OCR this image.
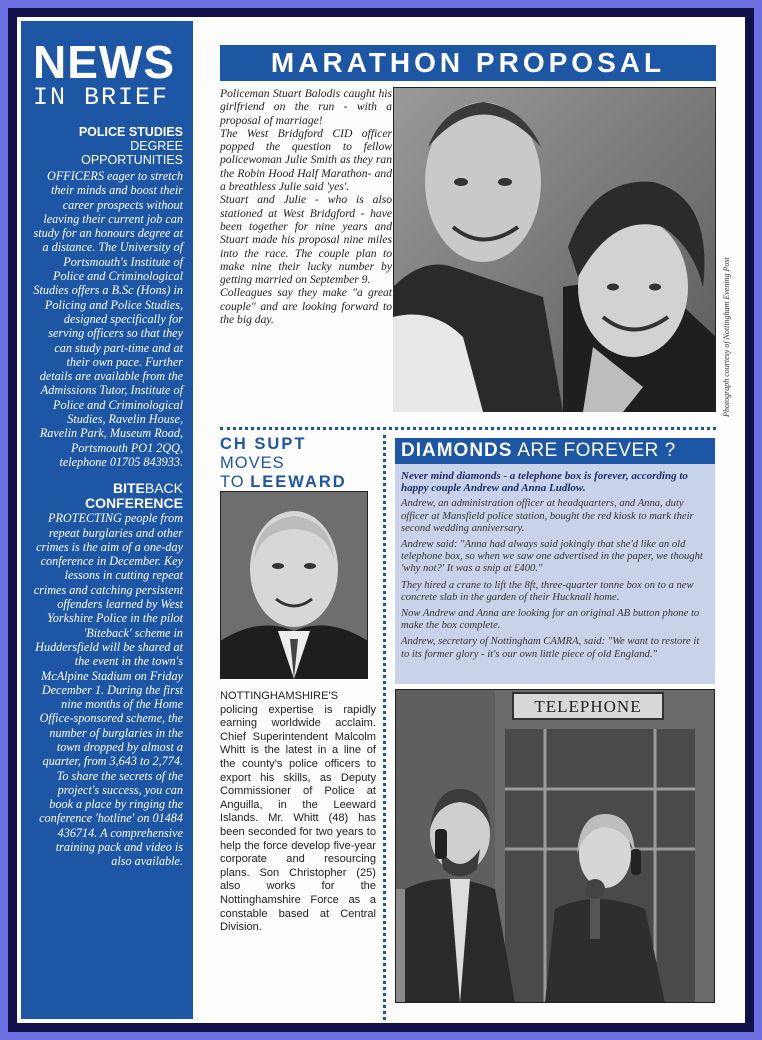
NEWS
IN BRIEF
POLICE STUDIES
DEGREE OPPORTUNITIES
OFFICERS eager to stretch their minds and boost their career prospects without leaving their current job can study for an honours degree at a distance. The University of Portsmouth's Institute of Police and Criminological Studies offers a B.Sc (Hons) in Policing and Police Studies, designed specifically for serving officers so that they can study part-time and at their own pace. Further details are available from the Admissions Tutor, Institute of Police and Criminological Studies, Ravelin House, Ravelin Park, Museum Road, Portsmouth PO1 2QQ, telephone 01705 843933.
BITEBACK
CONFERENCE
PROTECTING people from repeat burglaries and other crimes is the aim of a one-day conference in December. Key lessons in cutting repeat crimes and catching persistent offenders learned by West Yorkshire Police in the pilot 'Biteback' scheme in Huddersfield will be shared at the event in the town's McAlpine Stadium on Friday December 1. During the first nine months of the Home Office-sponsored scheme, the number of burglaries in the town dropped by almost a quarter, from 3,643 to 2,774. To share the secrets of the project's success, you can book a place by ringing the conference 'hotline' on 01484 436714. A comprehensive training pack and video is also available.
MARATHON PROPOSAL

Policeman Stuart Balodis caught his girlfriend on the run - with a proposal of marriage!

The West Bridgford CID officer popped the question to fellow policewoman Julie Smith as they ran the Robin Hood Half Marathon- and a breathless Julie said 'yes'.

Stuart and Julie - who is also stationed at West Bridgford - have been together for nine years and Stuart made his proposal nine miles into the race. The couple plan to make nine their lucky number by getting married on September 9.

Colleagues say they make "a great couple" and are looking forward to the big day.	Photograph courtesy of Nottingham Evening Post
CH SUPT MOVES
TO LEEWARD
NOTTINGHAMSHIRE'S policing expertise is rapidly earning worldwide acclaim. Chief Superintendent Malcolm Whitt is the latest in a line of the county's police officers to export his skills, as Deputy Commissioner of Police at Anguilla, in the Leeward Islands. Mr. Whitt (48) has been seconded for two years to help the force develop five-year corporate and resourcing plans. Son Christopher (25) also works for the Nottinghamshire Force as a constable based at Central Division.
DIAMONDS ARE FOREVER ?

Never mind diamonds - a telephone box is forever, according to happy couple Andrew and Anna Ludlow.

Andrew, an administration officer at headquarters, and Anna, duty officer at Mansfield police station, bought the red kiosk to mark their second wedding anniversary.

Andrew said: "Anna had always said jokingly that she'd like an old telephone box, so when we saw one advertised in the paper, we thought 'why not?' It was a snip at £400."

They hired a crane to lift the 8ft, three-quarter tonne box on to a new concrete slab in the garden of their Hucknall home.

Now Andrew and Anna are looking for an original AB button phone to make the box complete.

Andrew, secretary of Nottingham CAMRA, said: "We want to restore it to its former glory - it's our own little piece of old England."

TELEPHONE
